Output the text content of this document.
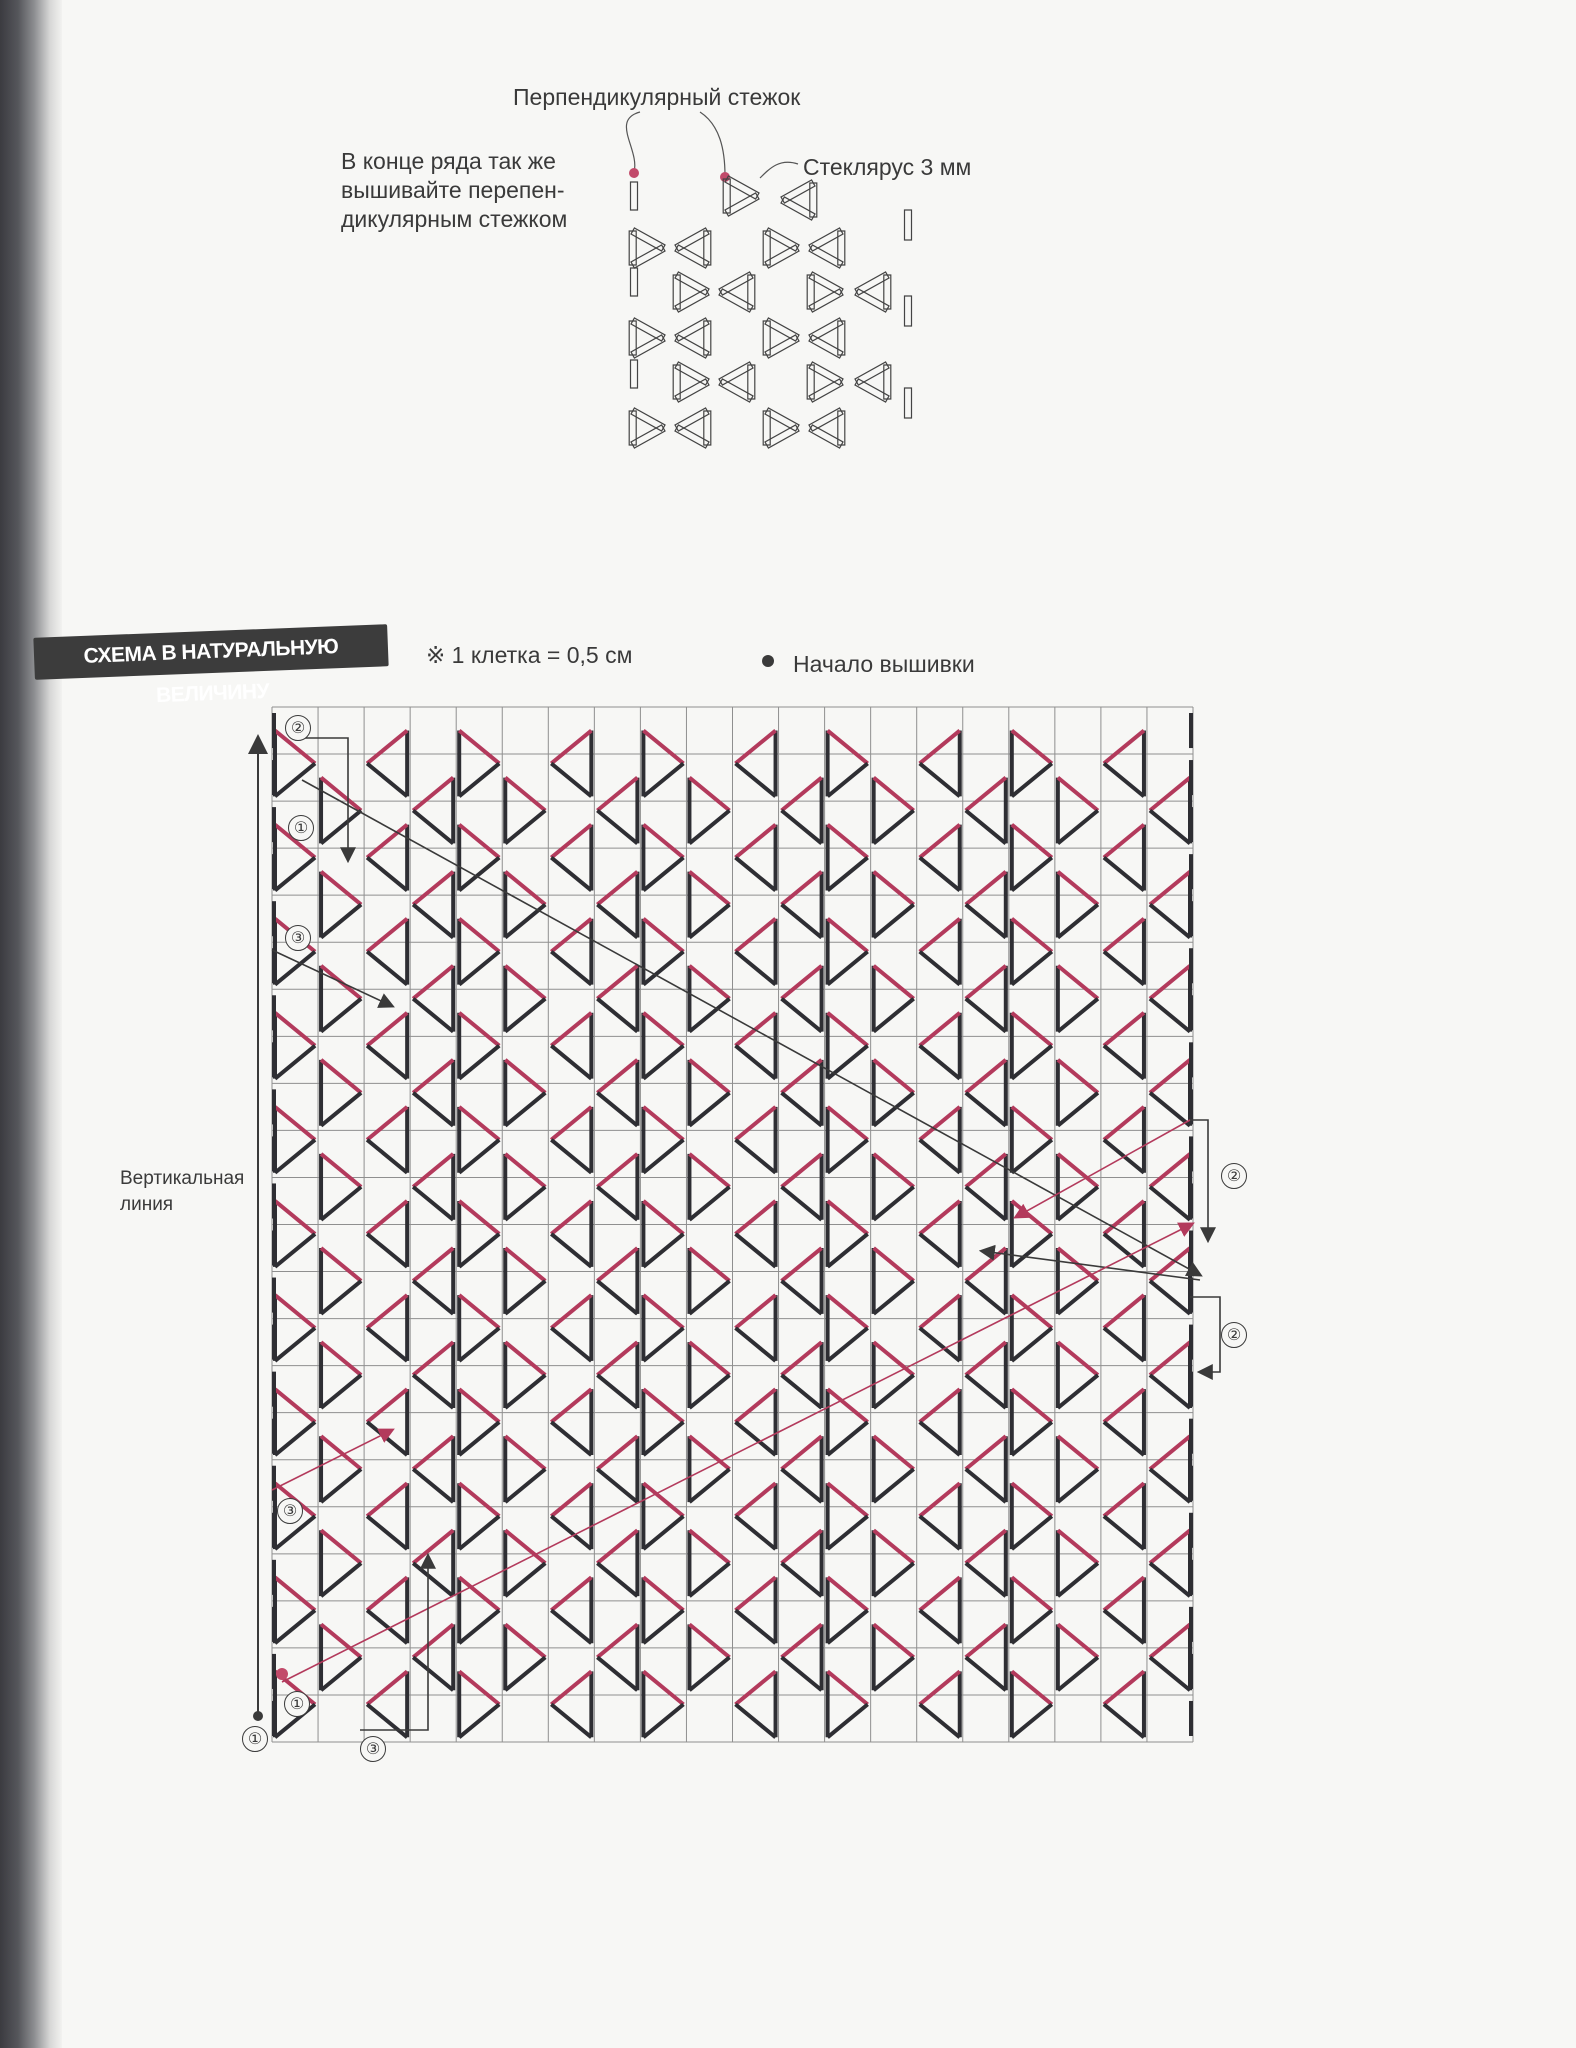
Перпендикулярный стежок
Стеклярус 3 мм
В конце ряда так же
вышивайте перепен-
дикулярным стежком
СХЕМА В НАТУРАЛЬНУЮ ВЕЛИЧИНУ
※ 1 клетка = 0,5 см	Начало вышивки
Вертикальная
линия
②
①
③
②
②
③
①
①
③
